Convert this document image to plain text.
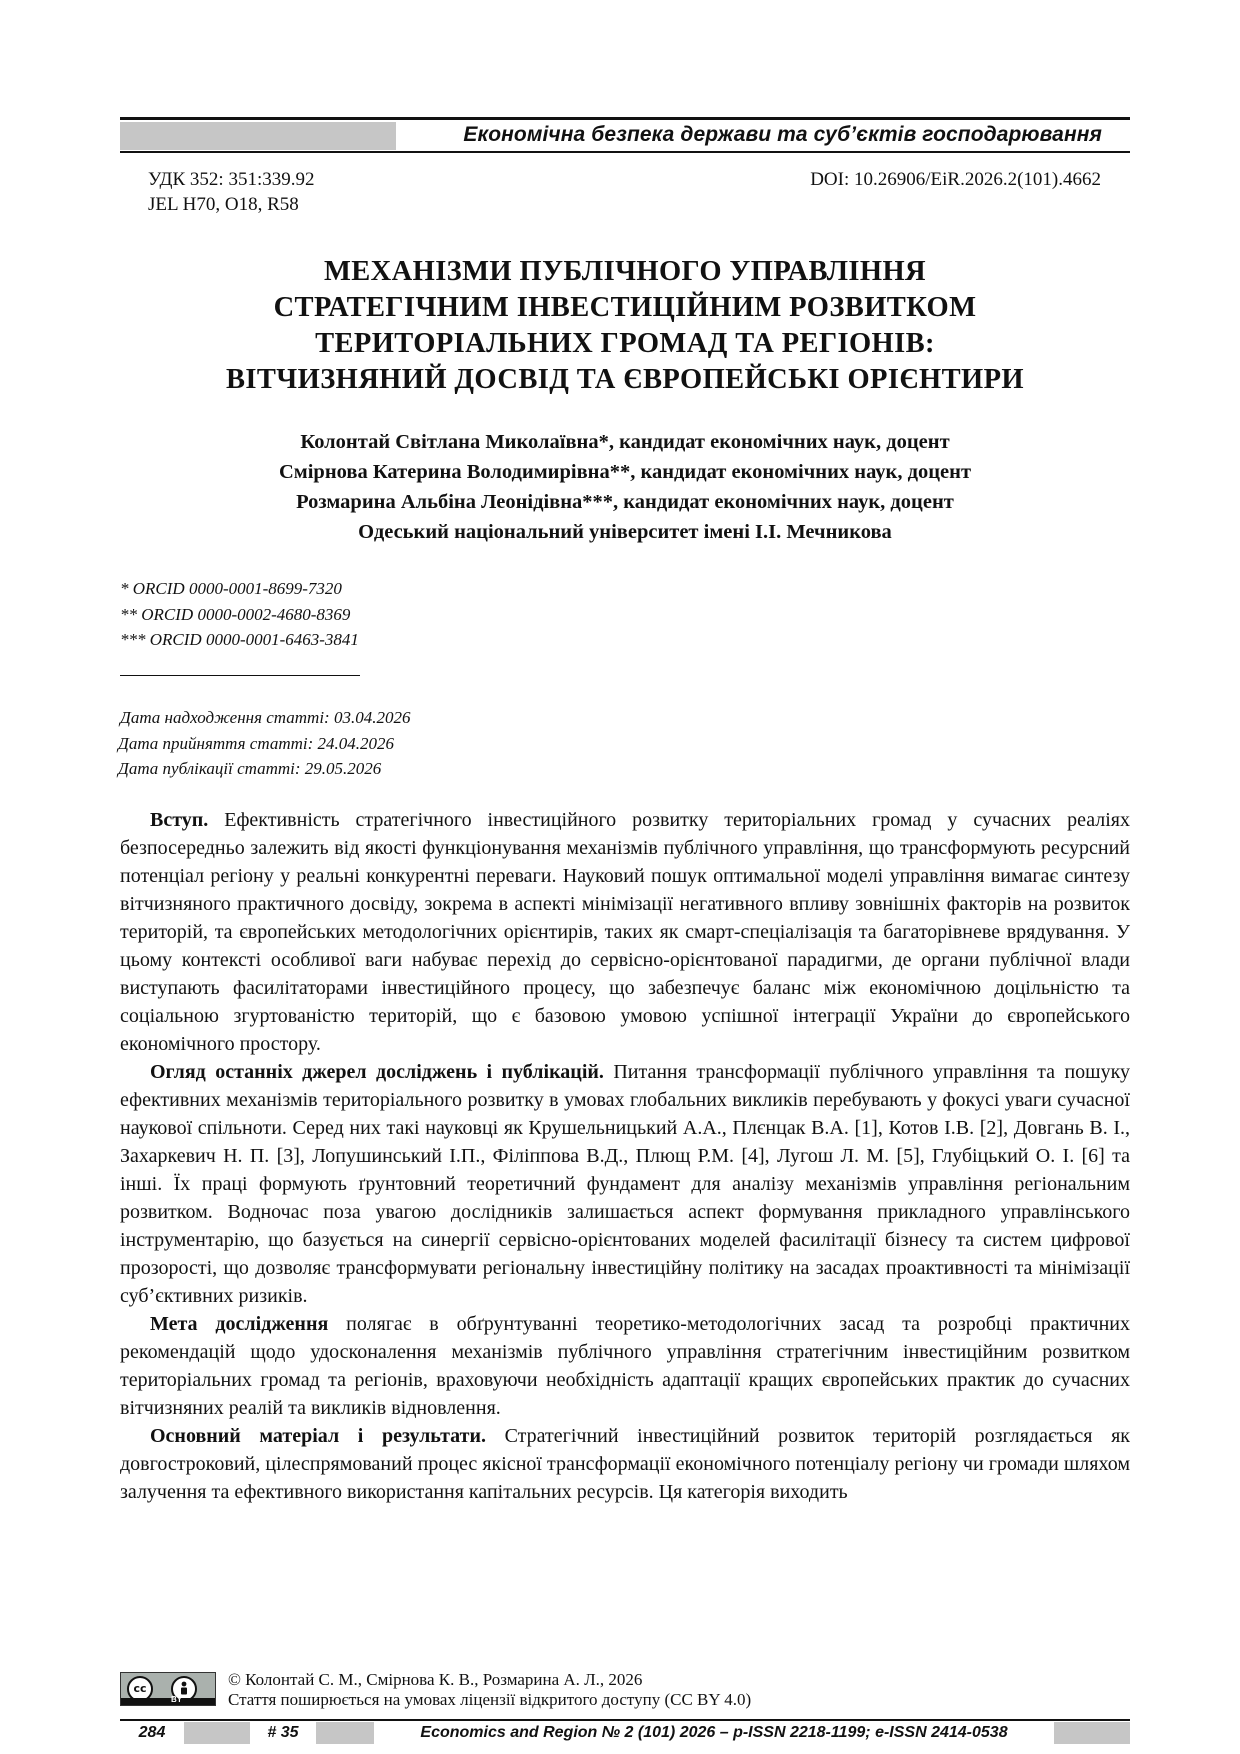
Економічна безпека держави та суб’єктів господарювання
УДК 352: 351:339.92
JEL H70, O18, R58
DOI: 10.26906/EiR.2026.2(101).4662
МЕХАНІЗМИ ПУБЛІЧНОГО УПРАВЛІННЯ
СТРАТЕГІЧНИМ ІНВЕСТИЦІЙНИМ РОЗВИТКОМ
ТЕРИТОРІАЛЬНИХ ГРОМАД ТА РЕГІОНІВ:
ВІТЧИЗНЯНИЙ ДОСВІД ТА ЄВРОПЕЙСЬКІ ОРІЄНТИРИ
Колонтай Світлана Миколаївна*, кандидат економічних наук, доцент
Смірнова Катерина Володимирівна**, кандидат економічних наук, доцент
Розмарина Альбіна Леонідівна***, кандидат економічних наук, доцент
Одеський національний університет імені І.І. Мечникова
* ORCID 0000-0001-8699-7320
** ORCID 0000-0002-4680-8369
*** ORCID 0000-0001-6463-3841
Дата надходження статті: 03.04.2026
Дата прийняття статті: 24.04.2026
Дата публікації статті: 29.05.2026

Вступ. Ефективність стратегічного інвестиційного розвитку територіальних громад у сучасних реаліях безпосередньо залежить від якості функціонування механізмів публічного управління, що трансформують ресурсний потенціал регіону у реальні конкурентні переваги. Науковий пошук оптимальної моделі управління вимагає синтезу вітчизняного практичного досвіду, зокрема в аспекті мінімізації негативного впливу зовнішніх факторів на розвиток територій, та європейських методологічних орієнтирів, таких як смарт-спеціалізація та багаторівневе врядування. У цьому контексті особливої ваги набуває перехід до сервісно-орієнтованої парадигми, де органи публічної влади виступають фасилітаторами інвестиційного процесу, що забезпечує баланс між економічною доцільністю та соціальною згуртованістю територій, що є базовою умовою успішної інтеграції України до європейського економічного простору.

Огляд останніх джерел досліджень і публікацій. Питання трансформації публічного управління та пошуку ефективних механізмів територіального розвитку в умовах глобальних викликів перебувають у фокусі уваги сучасної наукової спільноти. Серед них такі науковці як Крушельницький А.А., Плєнцак В.А. [1], Котов І.В. [2], Довгань В. І., Захаркевич Н. П. [3], Лопушинський І.П., Філіппова В.Д., Плющ Р.М. [4], Лугош Л. М. [5], Глубіцький О. І. [6] та інші. Їх праці формують ґрунтовний теоретичний фундамент для аналізу механізмів управління регіональним розвитком. Водночас поза увагою дослідників залишається аспект формування прикладного управлінського інструментарію, що базується на синергії сервісно-орієнтованих моделей фасилітації бізнесу та систем цифрової прозорості, що дозволяє трансформувати регіональну інвестиційну політику на засадах проактивності та мінімізації суб’єктивних ризиків.

Мета дослідження полягає в обґрунтуванні теоретико-методологічних засад та розробці практичних рекомендацій щодо удосконалення механізмів публічного управління стратегічним інвестиційним розвитком територіальних громад та регіонів, враховуючи необхідність адаптації кращих європейських практик до сучасних вітчизняних реалій та викликів відновлення.

Основний матеріал і результати. Стратегічний інвестиційний розвиток територій розглядається як довгостроковий, цілеспрямований процес якісної трансформації економічного потенціалу регіону чи громади шляхом залучення та ефективного використання капітальних ресурсів. Ця категорія виходить

cc
BY
© Колонтай С. М., Смірнова К. В., Розмарина А. Л., 2026
Стаття поширюється на умовах ліцензії відкритого доступу (CC BY 4.0)
284	# 35	Economics and Region № 2 (101) 2026 – p-ISSN 2218-1199; e-ISSN 2414-0538
